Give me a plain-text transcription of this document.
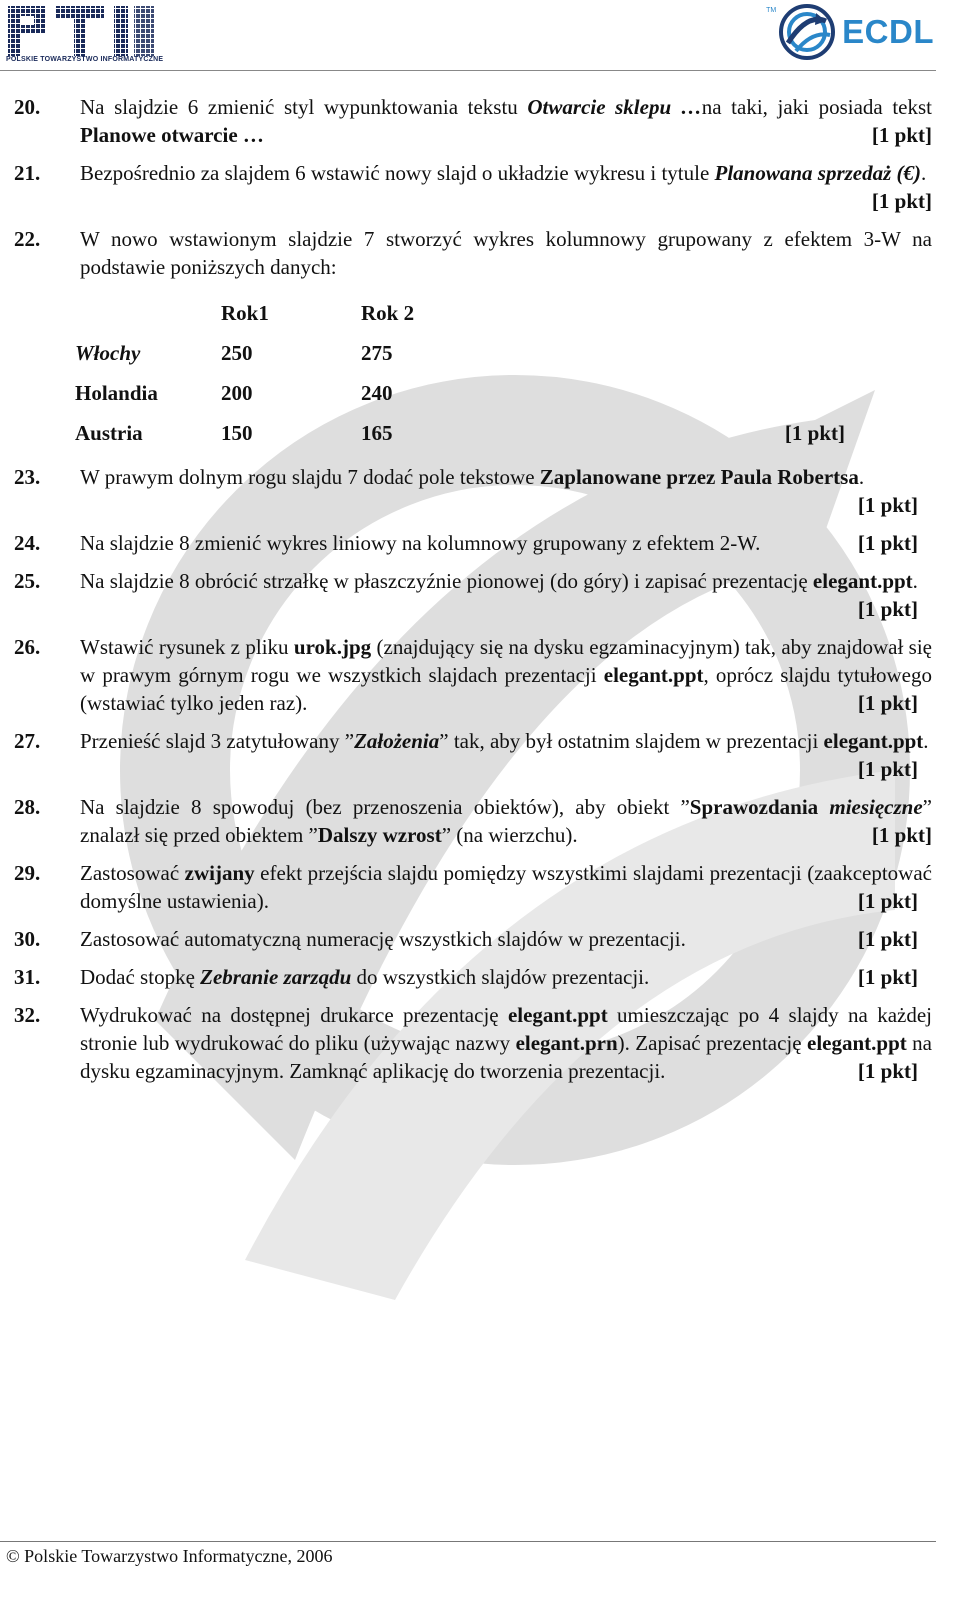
POLSKIE TOWARZYSTWO INFORMATYCZNE
TM
ECDL
20.	Na slajdzie 6 zmienić styl wypunktowania tekstu Otwarcie sklepu …na taki, jaki posiada tekst Planowe otwarcie …	[1 pkt]
21.	Bezpośrednio za slajdem 6 wstawić nowy slajd o układzie wykresu i tytule Planowana sprzedaż (€).
[1 pkt]
22.	W nowo wstawionym slajdzie 7 stworzyć wykres kolumnowy grupowany z efektem 3-W na podstawie poniższych danych:
	Rok1	Rok 2	
Włochy	250	275	
Holandia	200	240	
Austria	150	165	[1 pkt]
23.	W prawym dolnym rogu slajdu 7 dodać pole tekstowe Zaplanowane przez Paula Robertsa.
[1 pkt]
24.	Na slajdzie 8 zmienić wykres liniowy na kolumnowy grupowany z efektem 2-W.	[1 pkt]
25.	Na slajdzie 8 obrócić strzałkę w płaszczyźnie pionowej (do góry) i zapisać prezentację elegant.ppt.
[1 pkt]
26.	Wstawić rysunek z pliku urok.jpg (znajdujący się na dysku egzaminacyjnym) tak, aby znajdował się w prawym górnym rogu we wszystkich slajdach prezentacji elegant.ppt, oprócz slajdu tytułowego (wstawiać tylko jeden raz).	[1 pkt]
27.	Przenieść slajd 3 zatytułowany ”Założenia” tak, aby był ostatnim slajdem w prezentacji elegant.ppt.
[1 pkt]
28.	Na slajdzie 8 spowoduj (bez przenoszenia obiektów), aby obiekt ”Sprawozdania miesięczne” znalazł się przed obiektem ”Dalszy wzrost” (na wierzchu).	[1 pkt]
29.	Zastosować zwijany efekt przejścia slajdu pomiędzy wszystkimi slajdami prezentacji (zaakceptować domyślne ustawienia).	[1 pkt]
30.	Zastosować automatyczną numerację wszystkich slajdów w prezentacji.	[1 pkt]
31.	Dodać stopkę Zebranie zarządu do wszystkich slajdów prezentacji.	[1 pkt]
32.	Wydrukować na dostępnej drukarce prezentację elegant.ppt umieszczając po 4 slajdy na każdej stronie lub wydrukować do pliku (używając nazwy elegant.prn). Zapisać prezentację elegant.ppt na dysku egzaminacyjnym. Zamknąć aplikację do tworzenia prezentacji.	[1 pkt]
© Polskie Towarzystwo Informatyczne, 2006
